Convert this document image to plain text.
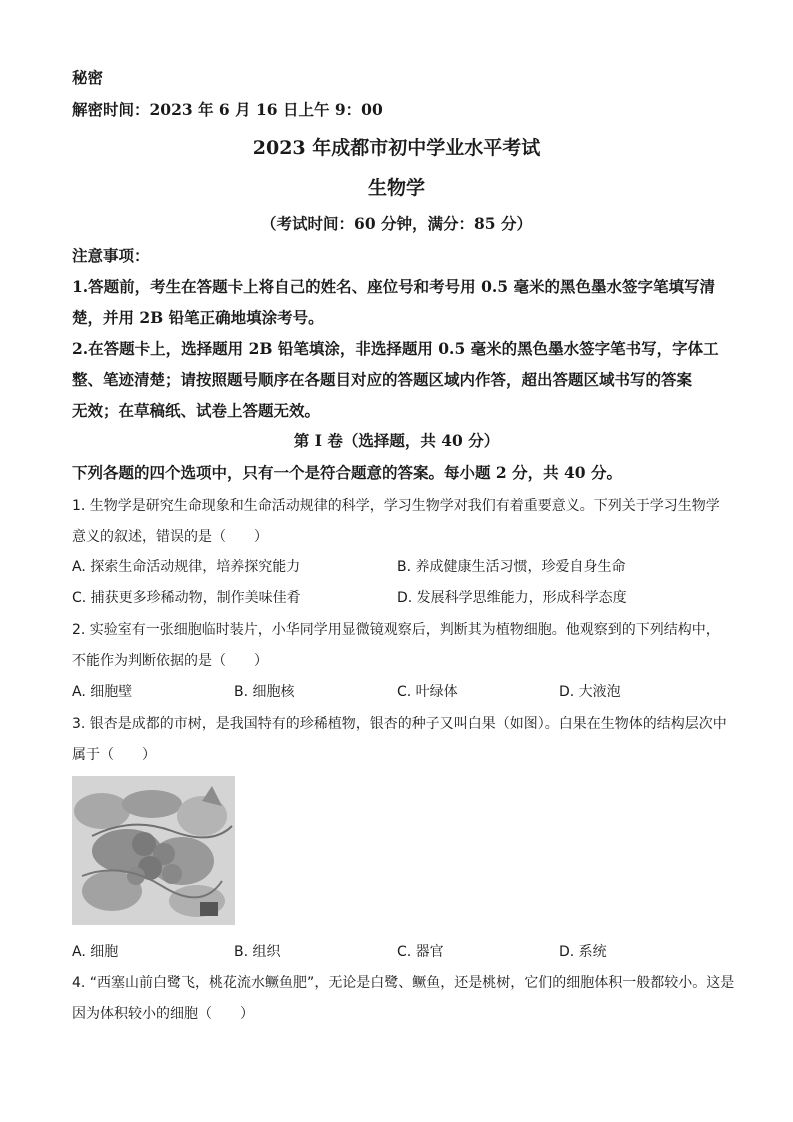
秘密
解密时间：2023 年 6 月 16 日上午 9：00
2023 年成都市初中学业水平考试
生物学
（考试时间：60 分钟，满分：85 分）
注意事项：
1.答题前，考生在答题卡上将自己的姓名、座位号和考号用 0.5 毫米的黑色墨水签字笔填写清
楚，并用 2B 铅笔正确地填涂考号。
2.在答题卡上，选择题用 2B 铅笔填涂，非选择题用 0.5 毫米的黑色墨水签字笔书写，字体工
整、笔迹清楚；请按照题号顺序在各题目对应的答题区域内作答，超出答题区域书写的答案
无效；在草稿纸、试卷上答题无效。
第 I 卷（选择题，共 40 分）
下列各题的四个选项中，只有一个是符合题意的答案。每小题 2 分，共 40 分。
1. 生物学是研究生命现象和生命活动规律的科学，学习生物学对我们有着重要意义。下列关于学习生物学
意义的叙述，错误的是（　　）
A. 探索生命活动规律，培养探究能力	B. 养成健康生活习惯，珍爱自身生命
C. 捕获更多珍稀动物，制作美味佳肴	D. 发展科学思维能力，形成科学态度
2. 实验室有一张细胞临时装片，小华同学用显微镜观察后，判断其为植物细胞。他观察到的下列结构中，
不能作为判断依据的是（　　）
A. 细胞壁	B. 细胞核	C. 叶绿体	D. 大液泡
3. 银杏是成都的市树，是我国特有的珍稀植物，银杏的种子又叫白果（如图）。白果在生物体的结构层次中
属于（　　）
A. 细胞	B. 组织	C. 器官	D. 系统
4. “西塞山前白鹭飞，桃花流水鳜鱼肥”，无论是白鹭、鳜鱼，还是桃树，它们的细胞体积一般都较小。这是
因为体积较小的细胞（　　）
